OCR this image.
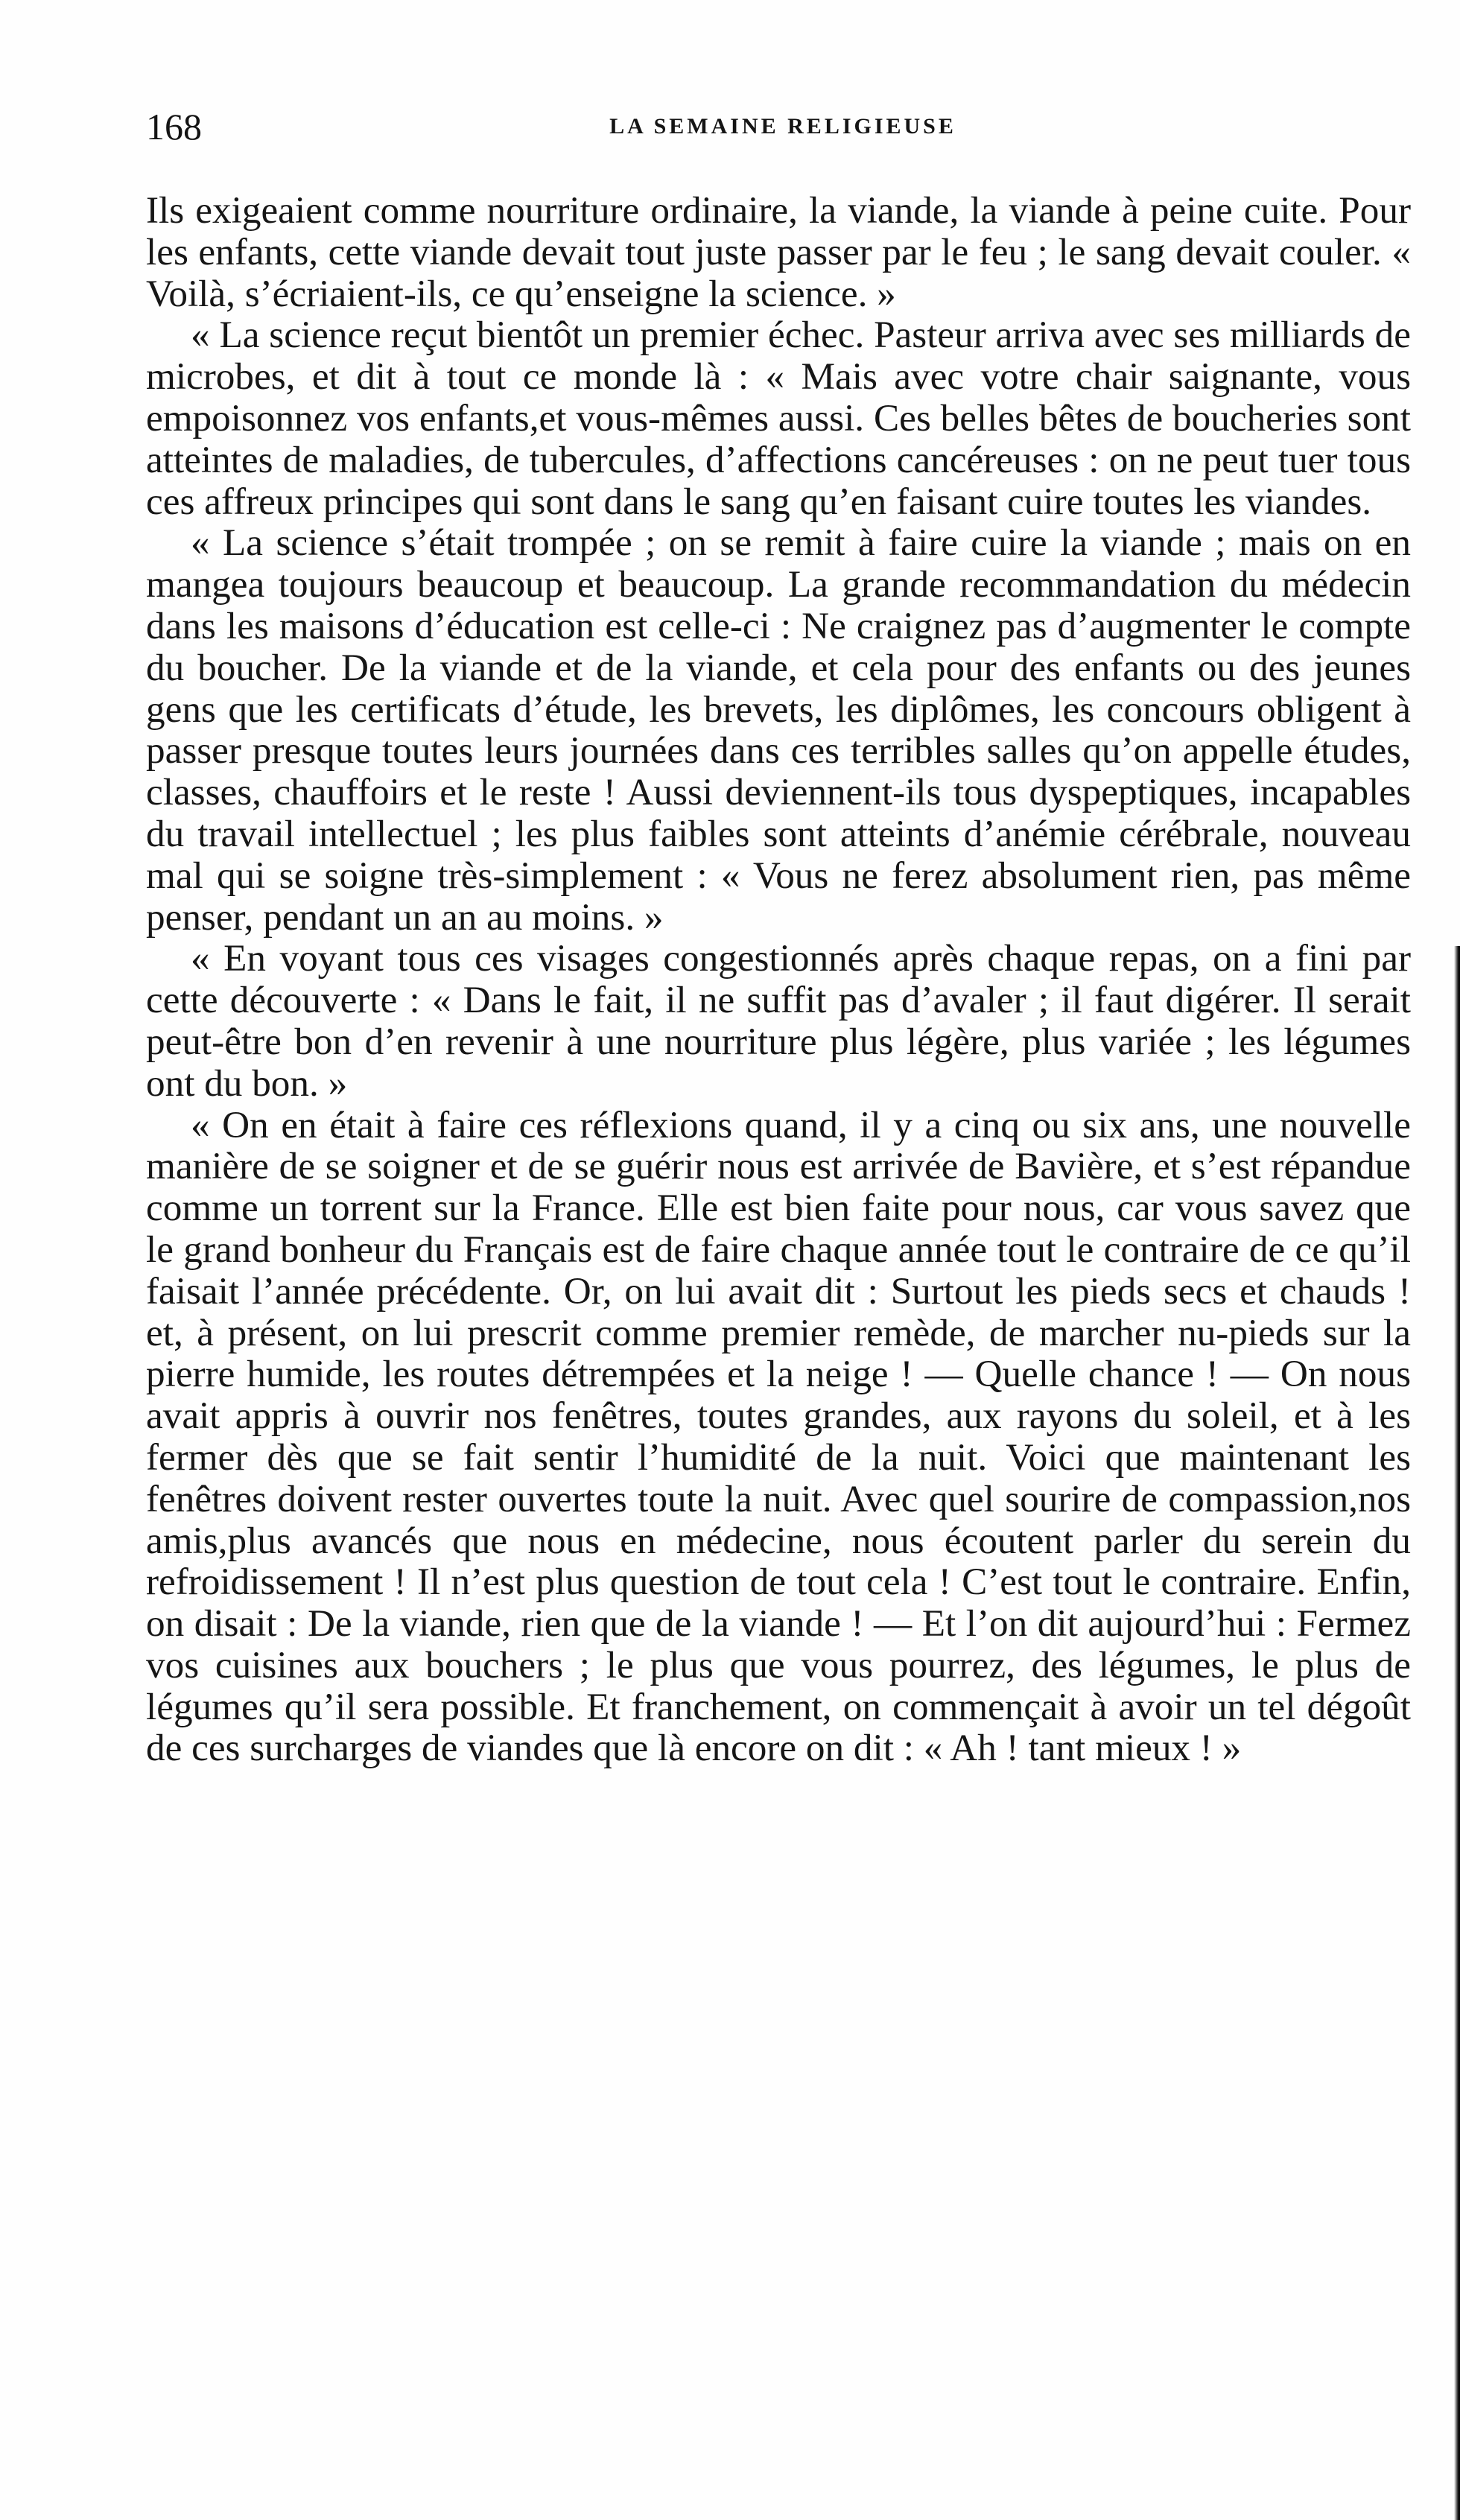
168	LA SEMAINE RELIGIEUSE

Ils exigeaient comme nourriture ordinaire, la viande, la viande à peine cuite. Pour les enfants, cette viande devait tout juste passer par le feu ; le sang devait couler. « Voilà, s’écriaient-ils, ce qu’enseigne la science. »

« La science reçut bientôt un premier échec. Pasteur arriva avec ses milliards de microbes, et dit à tout ce monde là : « Mais avec votre chair saignante, vous empoisonnez vos enfants,et vous-mêmes aussi. Ces belles bêtes de boucheries sont atteintes de maladies, de tubercules, d’affections cancéreuses : on ne peut tuer tous ces affreux principes qui sont dans le sang qu’en faisant cuire toutes les viandes.

« La science s’était trompée ; on se remit à faire cuire la viande ; mais on en mangea toujours beaucoup et beaucoup. La grande recommandation du médecin dans les maisons d’éducation est celle-ci : Ne craignez pas d’augmenter le compte du boucher. De la viande et de la viande, et cela pour des enfants ou des jeunes gens que les certificats d’étude, les brevets, les diplômes, les concours obligent à passer presque toutes leurs journées dans ces terribles salles qu’on appelle études, classes, chauffoirs et le reste ! Aussi deviennent-ils tous dyspeptiques, incapables du travail intellectuel ; les plus faibles sont atteints d’anémie cérébrale, nouveau mal qui se soigne très-simplement : « Vous ne ferez absolument rien, pas même penser, pendant un an au moins. »

« En voyant tous ces visages congestionnés après chaque repas, on a fini par cette découverte : « Dans le fait, il ne suffit pas d’avaler ; il faut digérer. Il serait peut-être bon d’en revenir à une nourriture plus légère, plus variée ; les légumes ont du bon. »

« On en était à faire ces réflexions quand, il y a cinq ou six ans, une nouvelle manière de se soigner et de se guérir nous est arrivée de Bavière, et s’est répandue comme un torrent sur la France. Elle est bien faite pour nous, car vous savez que le grand bonheur du Français est de faire chaque année tout le contraire de ce qu’il faisait l’année précédente. Or, on lui avait dit : Surtout les pieds secs et chauds ! et, à présent, on lui prescrit comme premier remède, de marcher nu-pieds sur la pierre humide, les routes détrempées et la neige ! — Quelle chance ! — On nous avait appris à ouvrir nos fenêtres, toutes grandes, aux rayons du soleil, et à les fermer dès que se fait sentir l’humidité de la nuit. Voici que maintenant les fenêtres doivent rester ouvertes toute la nuit. Avec quel sourire de compassion,nos amis,plus avancés que nous en médecine, nous écoutent parler du serein du refroidissement ! Il n’est plus question de tout cela ! C’est tout le contraire. Enfin, on disait : De la viande, rien que de la viande ! — Et l’on dit aujourd’hui : Fermez vos cuisines aux bouchers ; le plus que vous pourrez, des légumes, le plus de légumes qu’il sera possible. Et franchement, on commençait à avoir un tel dégoût de ces surcharges de viandes que là encore on dit : « Ah ! tant mieux ! »
